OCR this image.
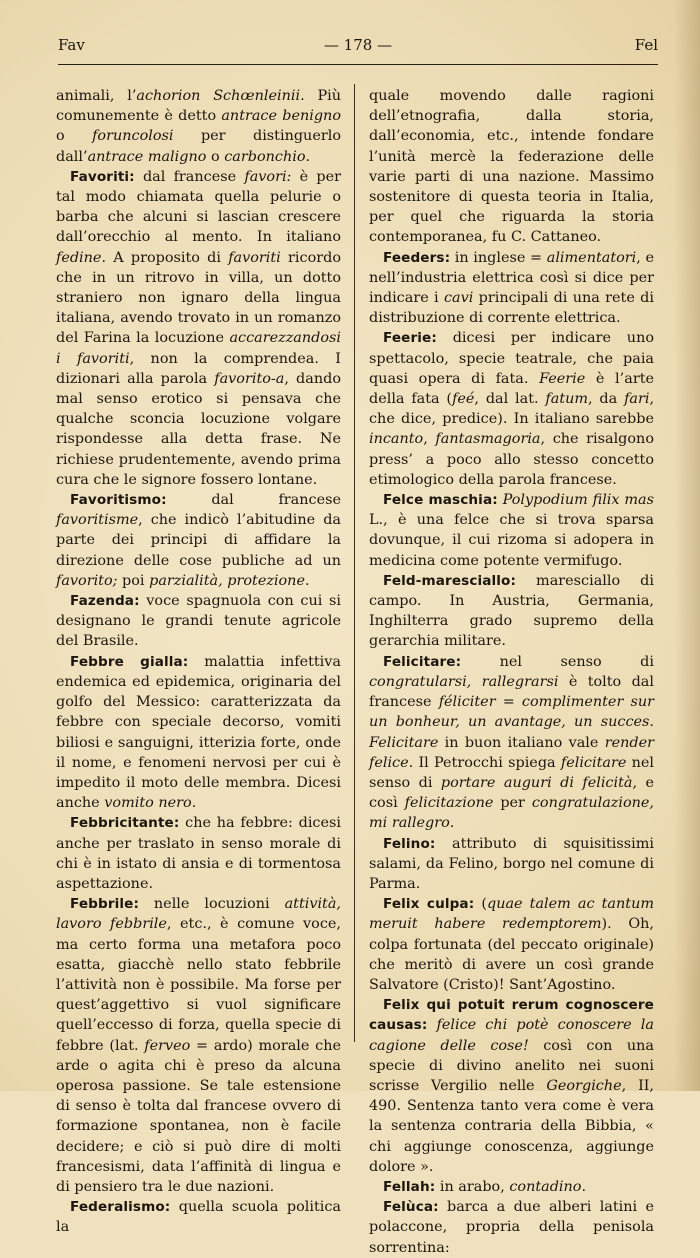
Fav	— 178 —	Fel

animali, l’achorion Schœnleinii. Più comunemente è detto antrace benigno o foruncolosi per distinguerlo dall’antrace maligno o carbonchio.

Favoriti: dal francese favori: è per tal modo chiamata quella pelurie o barba che alcuni si lascian crescere dall’orecchio al mento. In italiano fedine. A proposito di favoriti ricordo che in un ritrovo in villa, un dotto straniero non ignaro della lingua italiana, avendo trovato in un romanzo del Farina la locuzione accarezzandosi i favoriti, non la comprendea. I dizionari alla parola favorito-a, dando mal senso erotico si pensava che qualche sconcia locuzione volgare rispondesse alla detta frase. Ne richiese prudentemente, avendo prima cura che le signore fossero lontane.

Favoritismo: dal francese favoritisme, che indicò l’abitudine da parte dei principi di affidare la direzione delle cose publiche ad un favorito; poi parzialità, protezione.

Fazenda: voce spagnuola con cui si designano le grandi tenute agricole del Brasile.

Febbre gialla: malattia infettiva endemica ed epidemica, originaria del golfo del Messico: caratterizzata da febbre con speciale decorso, vomiti biliosi e sanguigni, itterizia forte, onde il nome, e fenomeni nervosi per cui è impedito il moto delle membra. Dicesi anche vomito nero.

Febbricitante: che ha febbre: dicesi anche per traslato in senso morale di chi è in istato di ansia e di tormentosa aspettazione.

Febbrile: nelle locuzioni attività, lavoro febbrile, etc., è comune voce, ma certo forma una metafora poco esatta, giacchè nello stato febbrile l’attività non è possibile. Ma forse per quest’aggettivo si vuol significare quell’eccesso di forza, quella specie di febbre (lat. ferveo = ardo) morale che arde o agita chi è preso da alcuna operosa passione. Se tale estensione di senso è tolta dal francese ovvero di formazione spontanea, non è facile decidere; e ciò si può dire di molti francesismi, data l’affinità di lingua e di pensiero tra le due nazioni.

Federalismo: quella scuola politica la

quale movendo dalle ragioni dell’etnografia, dalla storia, dall’economia, etc., intende fondare l’unità mercè la federazione delle varie parti di una nazione. Massimo sostenitore di questa teoria in Italia, per quel che riguarda la storia contemporanea, fu C. Cattaneo.

Feeders: in inglese = alimentatori, e nell’industria elettrica così si dice per indicare i cavi principali di una rete di distribuzione di corrente elettrica.

Feerie: dicesi per indicare uno spettacolo, specie teatrale, che paia quasi opera di fata. Feerie è l’arte della fata (feé, dal lat. fatum, da fari, che dice, predice). In italiano sarebbe incanto, fantasmagoria, che risalgono press’ a poco allo stesso concetto etimologico della parola francese.

Felce maschia: Polypodium filix mas L., è una felce che si trova sparsa dovunque, il cui rizoma si adopera in medicina come potente vermifugo.

Feld-maresciallo: maresciallo di campo. In Austria, Germania, Inghilterra grado supremo della gerarchia militare.

Felicitare: nel senso di congratularsi, rallegrarsi è tolto dal francese féliciter = complimenter sur un bonheur, un avantage, un succes. Felicitare in buon italiano vale render felice. Il Petrocchi spiega felicitare nel senso di portare auguri di felicità, e così felicitazione per congratulazione, mi rallegro.

Felino: attributo di squisitissimi salami, da Felino, borgo nel comune di Parma.

Felix culpa: (quae talem ac tantum meruit habere redemptorem). Oh, colpa fortunata (del peccato originale) che meritò di avere un così grande Salvatore (Cristo)! Sant’Agostino.

Felix qui potuit rerum cognoscere causas: felice chi potè conoscere la cagione delle cose! così con una specie di divino anelito nei suoni scrisse Vergilio nelle Georgiche, II, 490. Sentenza tanto vera come è vera la sentenza contraria della Bibbia, « chi aggiunge conoscenza, aggiunge dolore ».

Fellah: in arabo, contadino.

Felùca: barca a due alberi latini e polaccone, propria della penisola sorrentina:
